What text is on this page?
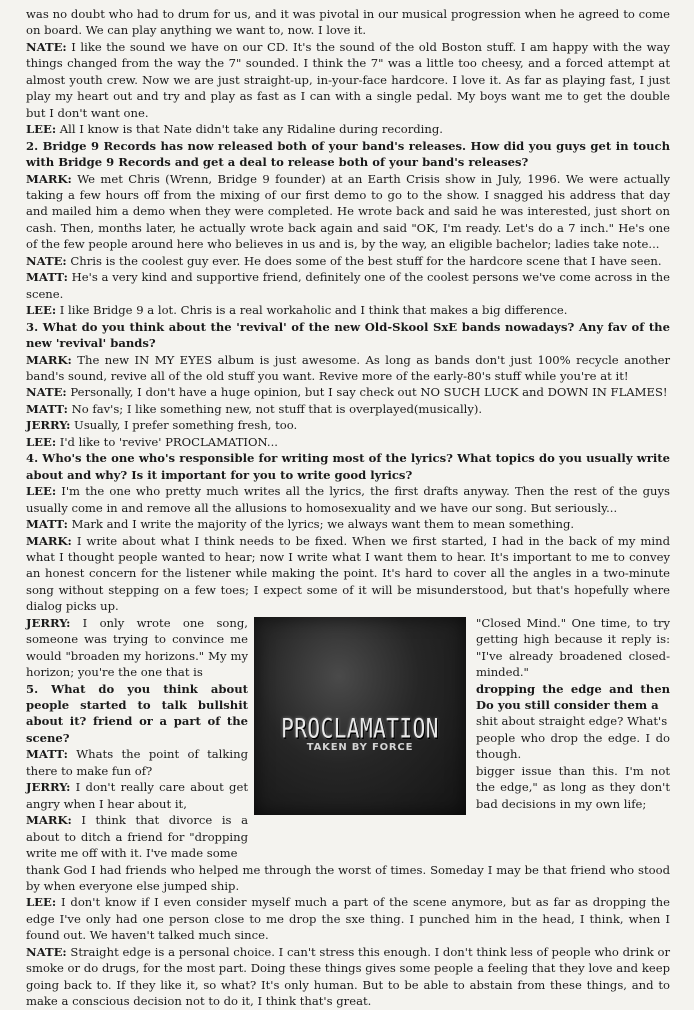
was no doubt who had to drum for us, and it was pivotal in our musical progression when he agreed to come on board. We can play anything we want to, now. I love it.

NATE: I like the sound we have on our CD. It's the sound of the old Boston stuff. I am happy with the way things changed from the way the 7" sounded. I think the 7" was a little too cheesy, and a forced attempt at almost youth crew. Now we are just straight-up, in-your-face hardcore. I love it. As far as playing fast, I just play my heart out and try and play as fast as I can with a single pedal. My boys want me to get the double but I don't want one.

LEE: All I know is that Nate didn't take any Ridaline during recording.

2. Bridge 9 Records has now released both of your band's releases. How did you guys get in touch with Bridge 9 Records and get a deal to release both of your band's releases?

MARK: We met Chris (Wrenn, Bridge 9 founder) at an Earth Crisis show in July, 1996. We were actually taking a few hours off from the mixing of our first demo to go to the show. I snagged his address that day and mailed him a demo when they were completed. He wrote back and said he was interested, just short on cash. Then, months later, he actually wrote back again and said "OK, I'm ready. Let's do a 7 inch." He's one of the few people around here who believes in us and is, by the way, an eligible bachelor; ladies take note...

NATE: Chris is the coolest guy ever. He does some of the best stuff for the hardcore scene that I have seen.

MATT: He's a very kind and supportive friend, definitely one of the coolest persons we've come across in the scene.

LEE: I like Bridge 9 a lot. Chris is a real workaholic and I think that makes a big difference.

3. What do you think about the 'revival' of the new Old-Skool SxE bands nowadays? Any fav of the new 'revival' bands?

MARK: The new IN MY EYES album is just awesome. As long as bands don't just 100% recycle another band's sound, revive all of the old stuff you want. Revive more of the early-80's stuff while you're at it!

NATE: Personally, I don't have a huge opinion, but I say check out NO SUCH LUCK and DOWN IN FLAMES!

MATT: No fav's; I like something new, not stuff that is overplayed(musically).

JERRY: Usually, I prefer something fresh, too.

LEE: I'd like to 'revive' PROCLAMATION...

4. Who's the one who's responsible for writing most of the lyrics? What topics do you usually write about and why? Is it important for you to write good lyrics?

LEE: I'm the one who pretty much writes all the lyrics, the first drafts anyway. Then the rest of the guys usually come in and remove all the allusions to homosexuality and we have our song. But seriously...

MATT: Mark and I write the majority of the lyrics; we always want them to mean something.

MARK: I write about what I think needs to be fixed. When we first started, I had in the back of my mind what I thought people wanted to hear; now I write what I want them to hear. It's important to me to convey an honest concern for the listener while making the point. It's hard to cover all the angles in a two-minute song without stepping on a few toes; I expect some of it will be misunderstood, but that's hopefully where dialog picks up.

JERRY: I only wrote one song, someone was trying to convince me would "broaden my horizons." My my horizon; you're the one that is

5. What do you think about people started to talk bullshit about it? friend or a part of the scene?

MATT: Whats the point of talking there to make fun of?

JERRY: I don't really care about get angry when I hear about it,

MARK: I think that divorce is a about to ditch a friend for "dropping write me off with it. I've made some

PROCLAMATION
TAKEN BY FORCE

"Closed Mind." One time, to try getting high because it reply is: "I've already broadened closed-minded."

dropping the edge and then Do you still consider them a

shit about straight edge? What's

people who drop the edge. I do though.

bigger issue than this. I'm not the edge," as long as they don't bad decisions in my own life;

thank God I had friends who helped me through the worst of times. Someday I may be that friend who stood by when everyone else jumped ship.

LEE: I don't know if I even consider myself much a part of the scene anymore, but as far as dropping the edge I've only had one person close to me drop the sxe thing. I punched him in the head, I think, when I found out. We haven't talked much since.

NATE: Straight edge is a personal choice. I can't stress this enough. I don't think less of people who drink or smoke or do drugs, for the most part. Doing these things gives some people a feeling that they love and keep going back to. If they like it, so what? It's only human. But to be able to abstain from these things, and to make a conscious decision not to do it, I think that's great.
